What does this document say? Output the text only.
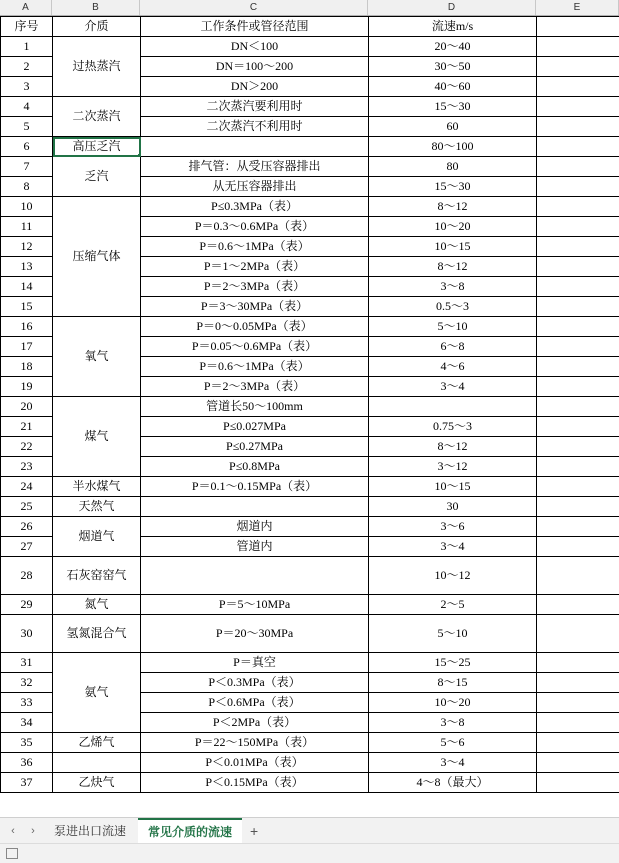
A	B	C	D	E
序号	介质	工作条件或管径范围	流速m/s	
1	过热蒸汽	DN＜100	20～40	
2		DN＝100～200	30～50	
3		DN＞200	40～60	
4	二次蒸汽	二次蒸汽要利用时	15～30	
5		二次蒸汽不利用时	60	
6	高压乏汽		80～100	
7	乏汽	排气管：从受压容器排出	80	
8		从无压容器排出	15～30	
10	压缩气体	P≤0.3MPa（表）	8～12	
11		P＝0.3～0.6MPa（表）	10～20	
12		P＝0.6～1MPa（表）	10～15	
13		P＝1～2MPa（表）	8～12	
14		P＝2～3MPa（表）	3～8	
15		P＝3～30MPa（表）	0.5～3	
16	氧气	P＝0～0.05MPa（表）	5～10	
17		P＝0.05～0.6MPa（表）	6～8	
18		P＝0.6～1MPa（表）	4～6	
19		P＝2～3MPa（表）	3～4	
20	煤气	管道长50～100mm		
21		P≤0.027MPa	0.75～3	
22		P≤0.27MPa	8～12	
23		P≤0.8MPa	3～12	
24	半水煤气	P＝0.1～0.15MPa（表）	10～15	
25	天然气		30	
26	烟道气	烟道内	3～6	
27		管道内	3～4	
28	石灰窑窑气		10～12	
29	氮气	P＝5～10MPa	2～5	
30	氢氮混合气	P＝20～30MPa	5～10	
31	氨气	P＝真空	15～25	
32		P＜0.3MPa（表）	8～15	
33		P＜0.6MPa（表）	10～20	
34		P＜2MPa（表）	3～8	
35	乙烯气	P＝22～150MPa（表）	5～6	
36		P＜0.01MPa（表）	3～4	
37	乙炔气	P＜0.15MPa（表）	4～8（最大）	
‹	›	泵进出口流速	常见介质的流速	+
